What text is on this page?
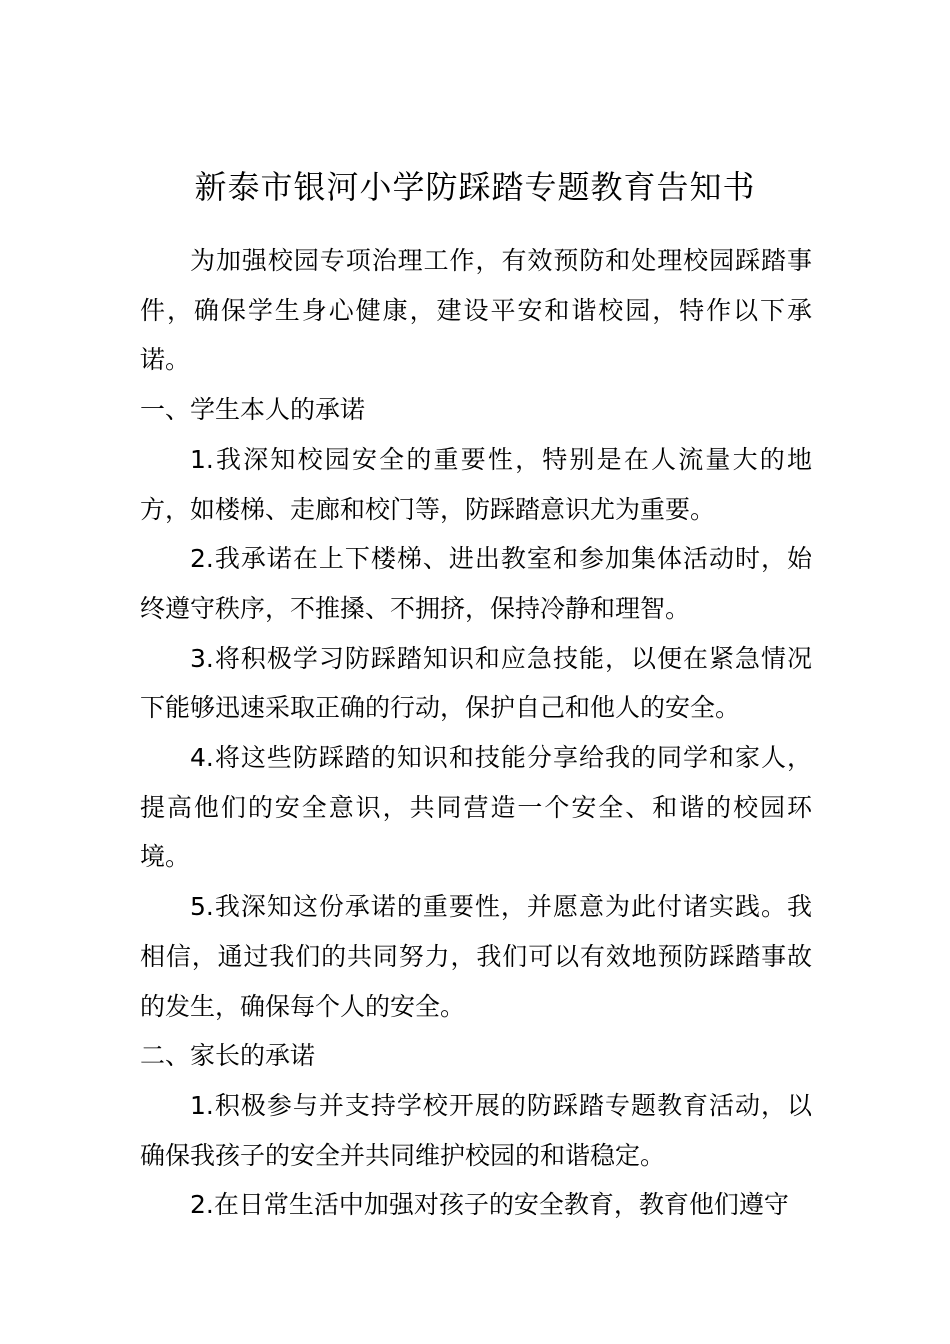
新泰市银河小学防踩踏专题教育告知书

为加强校园专项治理工作，有效预防和处理校园踩踏事件，确保学生身心健康，建设平安和谐校园，特作以下承诺。

一、学生本人的承诺

1.我深知校园安全的重要性，特别是在人流量大的地方，如楼梯、走廊和校门等，防踩踏意识尤为重要。

2.我承诺在上下楼梯、进出教室和参加集体活动时，始终遵守秩序，不推搡、不拥挤，保持冷静和理智。

3.将积极学习防踩踏知识和应急技能，以便在紧急情况下能够迅速采取正确的行动，保护自己和他人的安全。

4.将这些防踩踏的知识和技能分享给我的同学和家人，提高他们的安全意识，共同营造一个安全、和谐的校园环境。

5.我深知这份承诺的重要性，并愿意为此付诸实践。我相信，通过我们的共同努力，我们可以有效地预防踩踏事故的发生，确保每个人的安全。

二、家长的承诺

1.积极参与并支持学校开展的防踩踏专题教育活动，以确保我孩子的安全并共同维护校园的和谐稳定。

2.在日常生活中加强对孩子的安全教育，教育他们遵守
